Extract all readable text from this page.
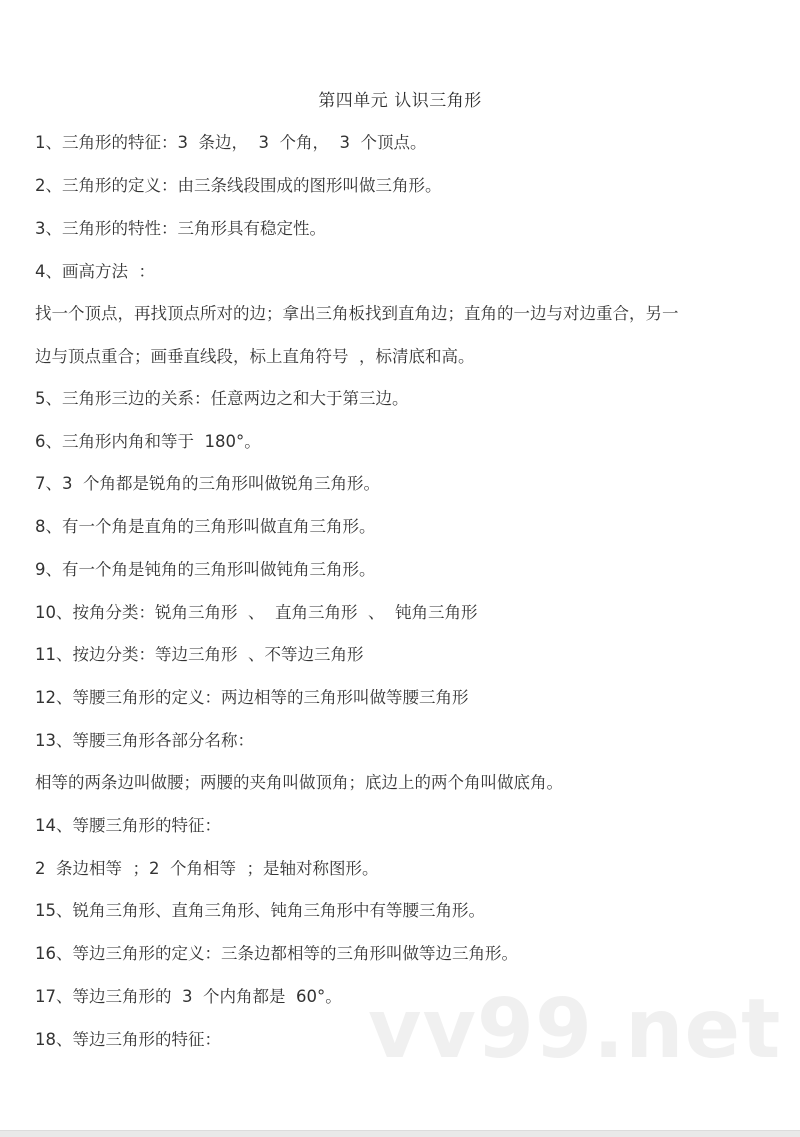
第四单元 认识三角形
1、三角形的特征：3  条边，  3  个角，  3  个顶点。
2、三角形的定义：由三条线段围成的图形叫做三角形。
3、三角形的特性：三角形具有稳定性。
4、画高方法  ：
找一个顶点，再找顶点所对的边；拿出三角板找到直角边；直角的一边与对边重合，另一
边与顶点重合；画垂直线段，标上直角符号  ，标清底和高。
5、三角形三边的关系：任意两边之和大于第三边。
6、三角形内角和等于  180°。
7、3  个角都是锐角的三角形叫做锐角三角形。
8、有一个角是直角的三角形叫做直角三角形。
9、有一个角是钝角的三角形叫做钝角三角形。
10、按角分类：锐角三角形  、  直角三角形  、  钝角三角形
11、按边分类：等边三角形  、不等边三角形
12、等腰三角形的定义：两边相等的三角形叫做等腰三角形
13、等腰三角形各部分名称：
相等的两条边叫做腰；两腰的夹角叫做顶角；底边上的两个角叫做底角。
14、等腰三角形的特征：
2  条边相等  ；2  个角相等  ；是轴对称图形。
15、锐角三角形、直角三角形、钝角三角形中有等腰三角形。
16、等边三角形的定义：三条边都相等的三角形叫做等边三角形。
17、等边三角形的  3  个内角都是  60°。
18、等边三角形的特征： vv99.net
